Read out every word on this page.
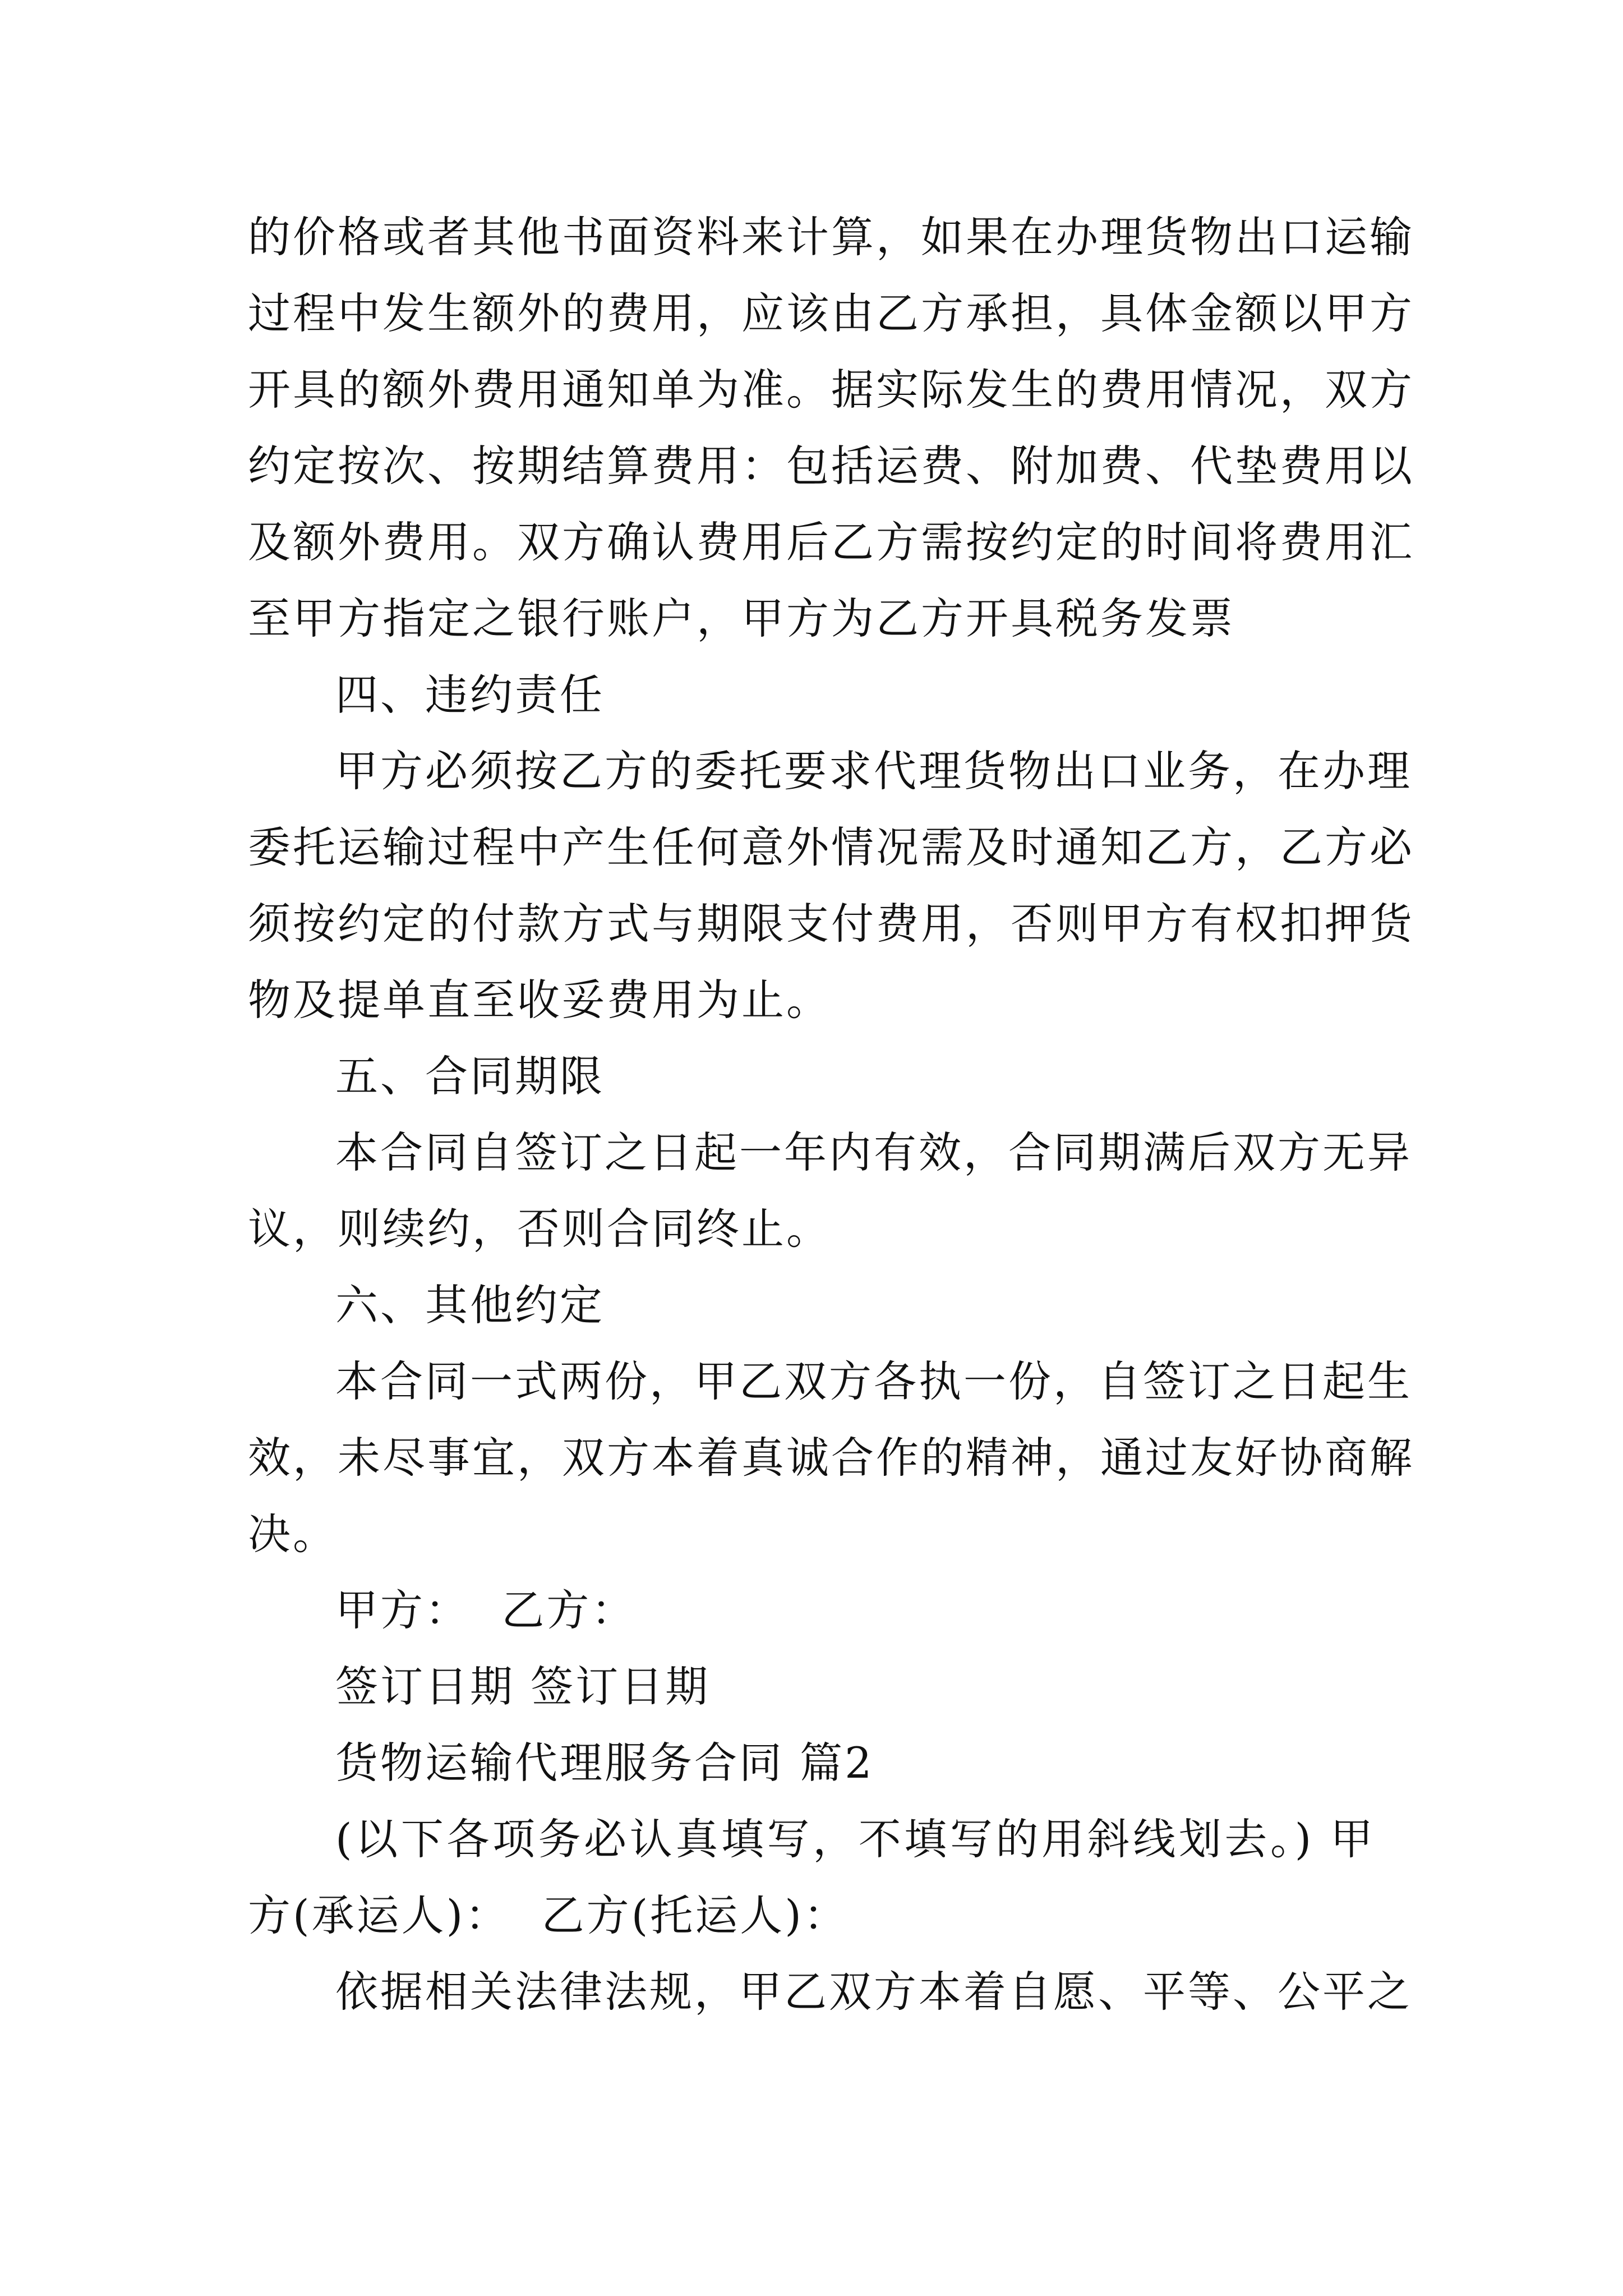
的价格或者其他书面资料来计算，如果在办理货物出口运输
过程中发生额外的费用，应该由乙方承担，具体金额以甲方
开具的额外费用通知单为准。据实际发生的费用情况，双方
约定按次、按期结算费用：包括运费、附加费、代垫费用以
及额外费用。双方确认费用后乙方需按约定的时间将费用汇
至甲方指定之银行账户，甲方为乙方开具税务发票
四、违约责任
甲方必须按乙方的委托要求代理货物出口业务，在办理
委托运输过程中产生任何意外情况需及时通知乙方，乙方必
须按约定的付款方式与期限支付费用，否则甲方有权扣押货
物及提单直至收妥费用为止。
五、合同期限
本合同自签订之日起一年内有效，合同期满后双方无异
议，则续约，否则合同终止。
六、其他约定
本合同一式两份，甲乙双方各执一份，自签订之日起生
效，未尽事宜，双方本着真诚合作的精神，通过友好协商解
决。
甲方：  乙方：
签订日期 签订日期
货物运输代理服务合同 篇2
(以下各项务必认真填写，不填写的用斜线划去。) 甲
方(承运人)：  乙方(托运人)：
依据相关法律法规，甲乙双方本着自愿、平等、公平之
